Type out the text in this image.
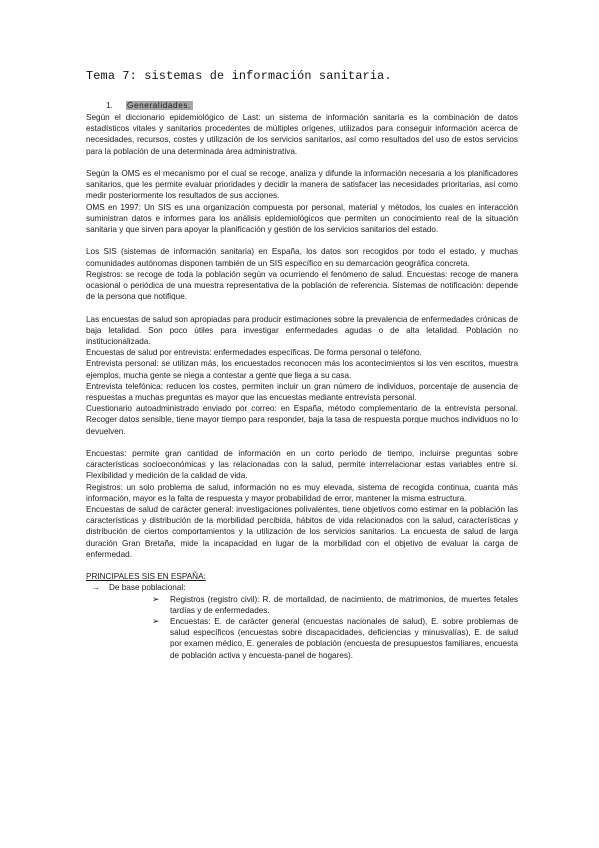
Tema 7: sistemas de información sanitaria.
1. Generalidades.

Según el diccionario epidemiológico de Last: un sistema de información sanitaria es la combinación de datos estadísticos vitales y sanitarios procedentes de múltiples orígenes, utilizados para conseguir información acerca de necesidades, recursos, costes y utilización de los servicios sanitarios, así como resultados del uso de estos servicios para la población de una determinada área administrativa.

Según la OMS es el mecanismo por el cual se recoge, analiza y difunde la información necesaria a los planificadores sanitarios, que les permite evaluar prioridades y decidir la manera de satisfacer las necesidades prioritarias, así como medir posteriormente los resultados de sus acciones.

OMS en 1997: Un SIS es una organización compuesta por personal, material y métodos, los cuales en interacción suministran datos e informes para los análisis epidemiológicos que permiten un conocimiento real de la situación sanitaria y que sirven para apoyar la planificación y gestión de los servicios sanitarios del estado.

Los SIS (sistemas de información sanitaria) en España, los datos son recogidos por todo el estado, y muchas comunidades autónomas disponen también de un SIS específico en su demarcación geográfica concreta.

Registros: se recoge de toda la población según va ocurriendo el fenómeno de salud. Encuestas: recoge de manera ocasional o periódica de una muestra representativa de la población de referencia. Sistemas de notificación: depende de la persona que notifique.

Las encuestas de salud son apropiadas para producir estimaciones sobre la prevalencia de enfermedades crónicas de baja letalidad. Son poco útiles para investigar enfermedades agudas o de alta letalidad. Población no institucionalizada.

Encuestas de salud por entrevista: enfermedades específicas. De forma personal o teléfono.

Entrevista personal: se utilizan más, los encuestados reconocen más los acontecimientos si los ven escritos, muestra ejemplos, mucha gente se niega a contestar a gente que llega a su casa.

Entrevista telefónica: reducen los costes, permiten incluir un gran número de individuos, porcentaje de ausencia de respuestas a muchas preguntas es mayor que las encuestas mediante entrevista personal.

Cuestionario autoadministrado enviado por correo: en España, método complementario de la entrevista personal. Recoger datos sensible, tiene mayor tiempo para responder, baja la tasa de respuesta porque muchos individuos no lo devuelven.

Encuestas: permite gran cantidad de información en un corto periodo de tiempo, incluirse preguntas sobre características socioeconómicas y las relacionadas con la salud, permite interrelacionar estas variables entre sí. Flexibilidad y medición de la calidad de vida.

Registros: un solo problema de salud, información no es muy elevada, sistema de recogida continua, cuanta más información, mayor es la falta de respuesta y mayor probabilidad de error, mantener la misma estructura.

Encuestas de salud de carácter general: investigaciones polivalentes, tiene objetivos como estimar en la población las características y distribución de la morbilidad percibida, hábitos de vida relacionados con la salud, características y distribución de ciertos comportamientos y la utilización de los servicios sanitarios. La encuesta de salud de larga duración Gran Bretaña, mide la incapacidad en lugar de la morbilidad con el objetivo de evaluar la carga de enfermedad.

PRINCIPALES SIS EN ESPAÑA:

→ De base poblacional:
➢ Registros (registro civil): R. de mortalidad, de nacimiento, de matrimonios, de muertes fetales tardías y de enfermedades.
➢ Encuestas: E. de carácter general (encuestas nacionales de salud), E. sobre problemas de salud específicos (encuestas sobre discapacidades, deficiencias y minusvalías), E. de salud por examen médico, E. generales de población (encuesta de presupuestos familiares, encuesta de población activa y encuesta-panel de hogares).
